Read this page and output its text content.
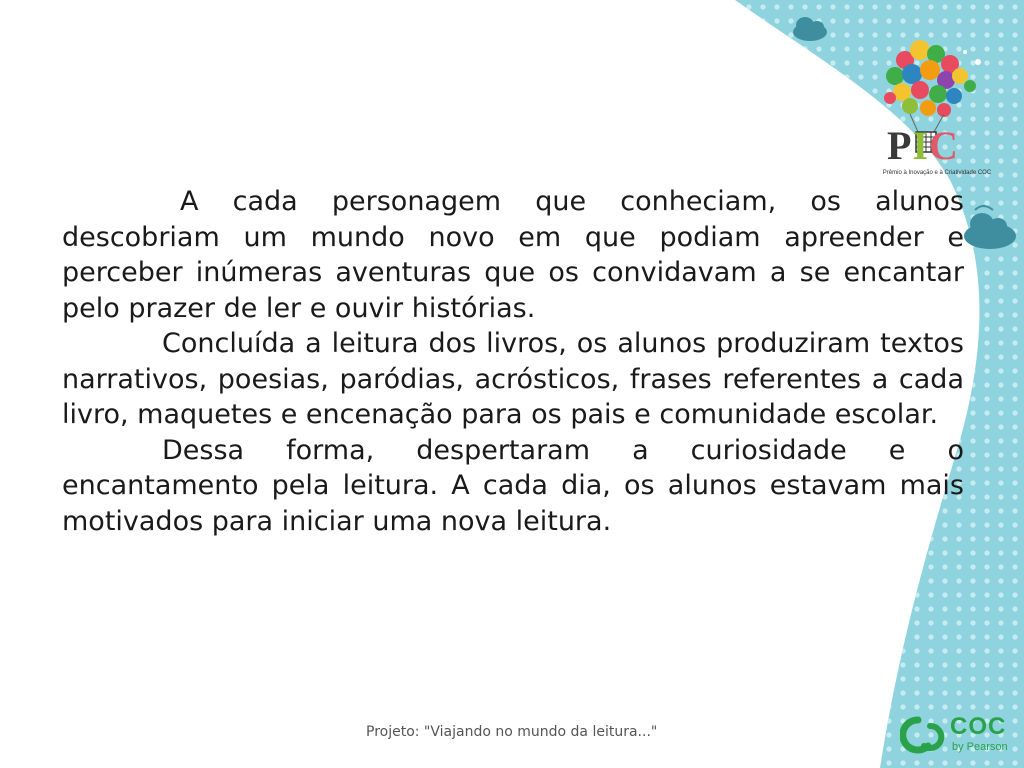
PIC
Prêmio à Inovação e à Criatividade COC

A cada personagem que conheciam, os alunos descobriam um mundo novo em que podiam apreender e perceber inúmeras aventuras que os convidavam a se encantar pelo prazer de ler e ouvir histórias.

Concluída a leitura dos livros, os alunos produziram textos narrativos, poesias, paródias, acrósticos, frases referentes a cada livro, maquetes e encenação para os pais e comunidade escolar.

Dessa forma, despertaram a curiosidade e o encantamento pela leitura. A cada dia, os alunos estavam mais motivados para iniciar uma nova leitura.

Projeto: "Viajando no mundo da leitura..."	COC
by Pearson
